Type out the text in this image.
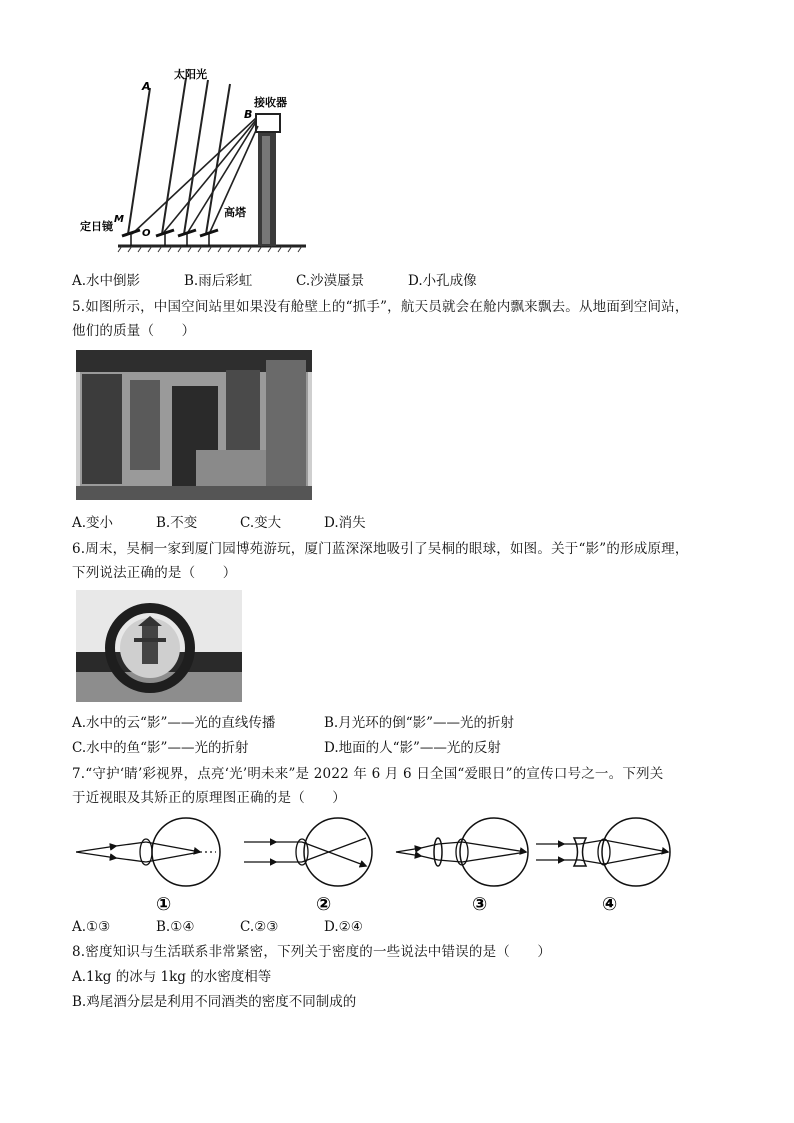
A
太阳光
B
接收器
高塔
M
O
定日镜
A.水中倒影	B.雨后彩虹	C.沙漠蜃景	D.小孔成像
5.如图所示，中国空间站里如果没有舱壁上的“抓手”，航天员就会在舱内飘来飘去。从地面到空间站，
他们的质量（　　）
A.变小	B.不变	C.变大	D.消失
6.周末，吴桐一家到厦门园博苑游玩，厦门蓝深深地吸引了吴桐的眼球，如图。关于“影”的形成原理，
下列说法正确的是（　　）
A.水中的云“影”——光的直线传播	B.月光环的倒“影”——光的折射
C.水中的鱼“影”——光的折射	D.地面的人“影”——光的反射
7.“守护‘睛’彩视界，点亮‘光’明未来”是 2022 年 6 月 6 日全国“爱眼日”的宣传口号之一。下列关
于近视眼及其矫正的原理图正确的是（　　）
①	②	③	④
A.①③	B.①④	C.②③	D.②④
8.密度知识与生活联系非常紧密，下列关于密度的一些说法中错误的是（　　）
A.1kg 的冰与 1kg 的水密度相等
B.鸡尾酒分层是利用不同酒类的密度不同制成的
